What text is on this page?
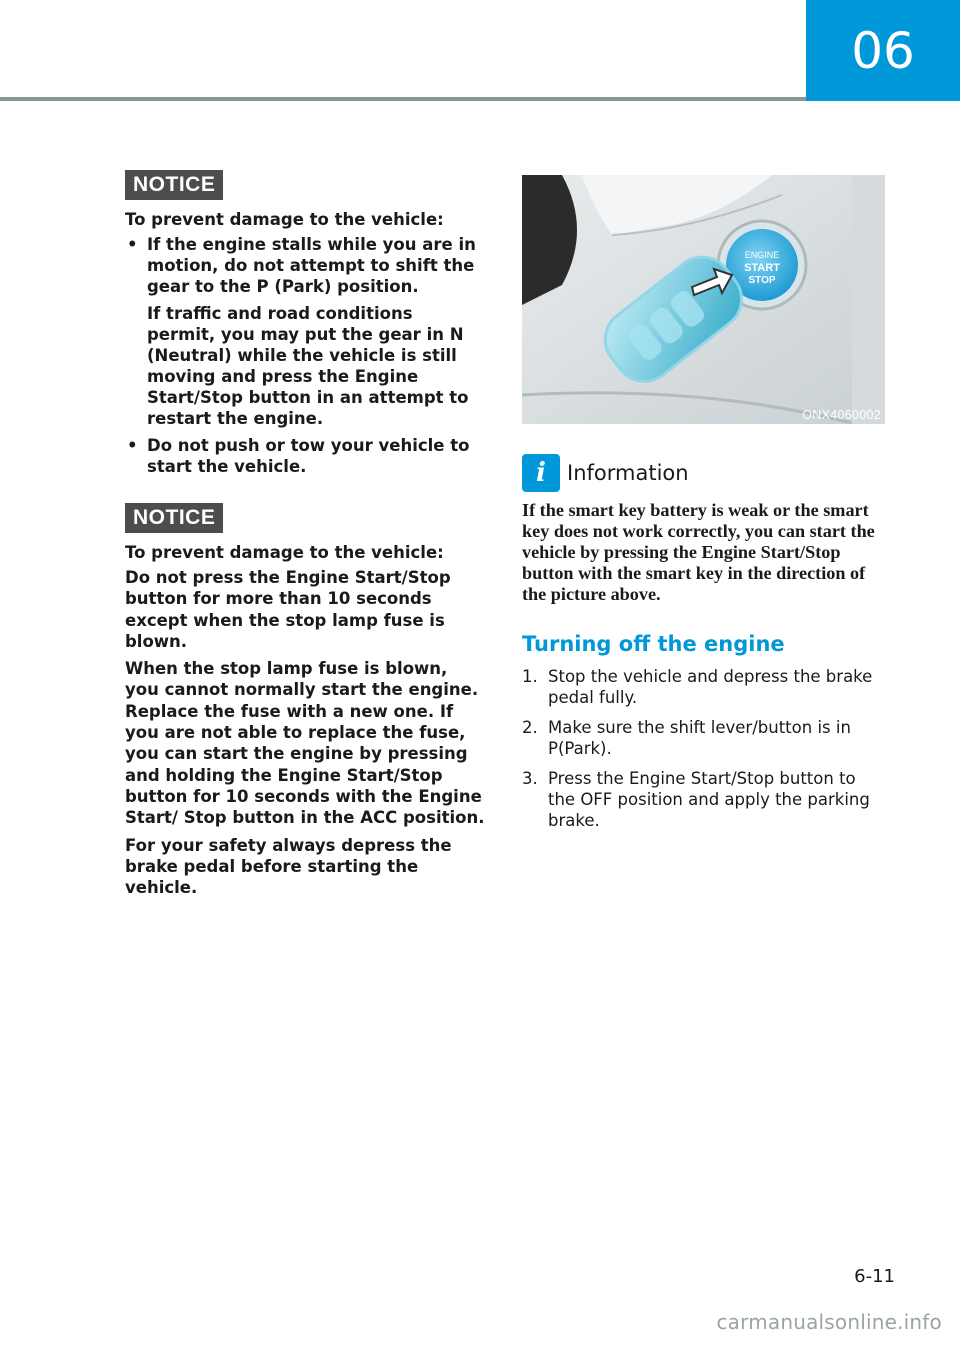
06
NOTICE
To prevent damage to the vehicle:
• If the engine stalls while you are in motion, do not attempt to shift the gear to the P (Park) position.

If traffic and road conditions permit, you may put the gear in N (Neutral) while the vehicle is still moving and press the Engine Start/Stop button in an attempt to restart the engine.

• Do not push or tow your vehicle to start the vehicle.

NOTICE
To prevent damage to the vehicle:

Do not press the Engine Start/Stop button for more than 10 seconds except when the stop lamp fuse is blown.

When the stop lamp fuse is blown, you cannot normally start the engine. Replace the fuse with a new one. If you are not able to replace the fuse, you can start the engine by pressing and holding the Engine Start/Stop button for 10 seconds with the Engine Start/ Stop button in the ACC position.

For your safety always depress the brake pedal before starting the vehicle.

ENGINE
START
STOP
ONX4060002
i	Information

If the smart key battery is weak or the smart key does not work correctly, you can start the vehicle by pressing the Engine Start/Stop button with the smart key in the direction of the picture above.

Turning off the engine
1. Stop the vehicle and depress the brake pedal fully.
2. Make sure the shift lever/button is in P(Park).
3. Press the Engine Start/Stop button to the OFF position and apply the parking brake.
6-11
carmanualsonline.info
